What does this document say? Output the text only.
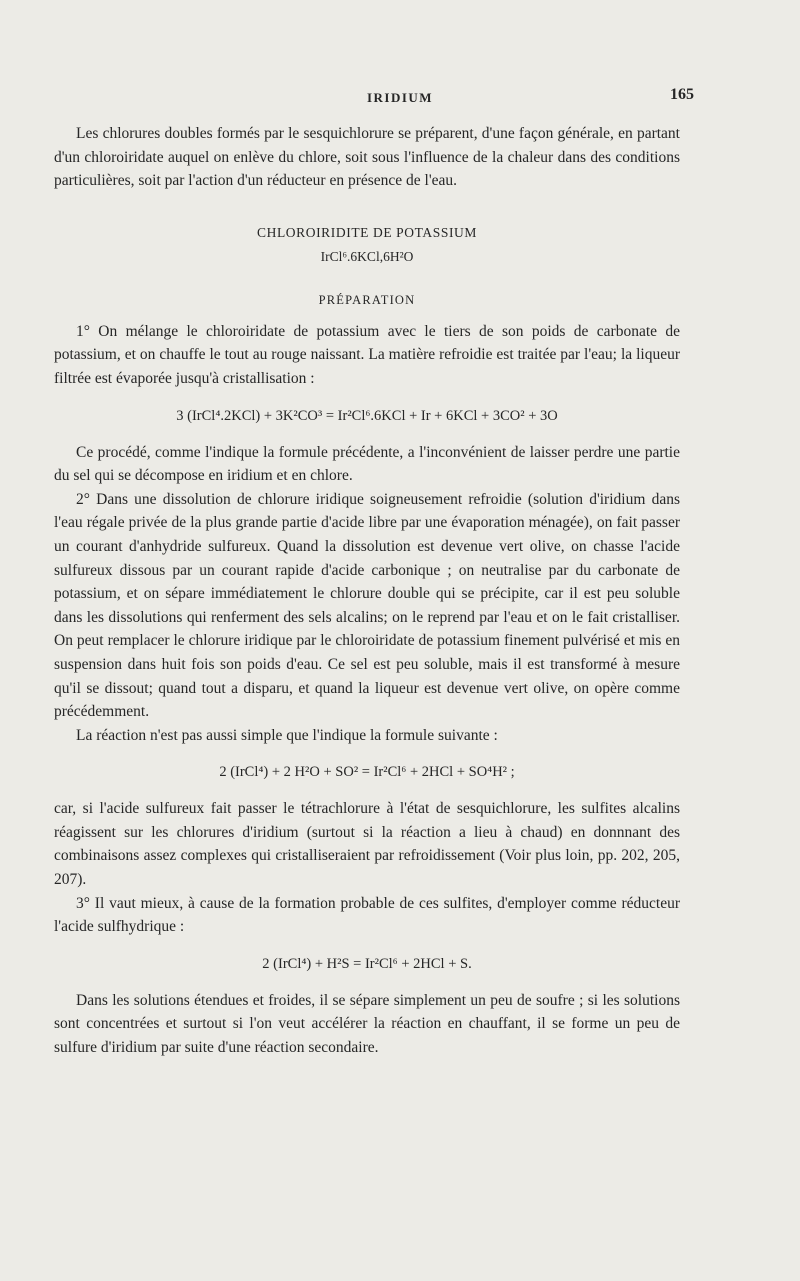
IRIDIUM	165

Les chlorures doubles formés par le sesquichlorure se préparent, d'une façon générale, en partant d'un chloroiridate auquel on enlève du chlore, soit sous l'influence de la chaleur dans des conditions particulières, soit par l'action d'un réducteur en présence de l'eau.

CHLOROIRIDITE DE POTASSIUM
IrCl⁶.6KCl,6H²O
PRÉPARATION

1° On mélange le chloroiridate de potassium avec le tiers de son poids de carbonate de potassium, et on chauffe le tout au rouge naissant. La matière refroidie est traitée par l'eau; la liqueur filtrée est évaporée jusqu'à cristallisation :

3 (IrCl⁴.2KCl) + 3K²CO³ = Ir²Cl⁶.6KCl + Ir + 6KCl + 3CO² + 3O

Ce procédé, comme l'indique la formule précédente, a l'inconvénient de laisser perdre une partie du sel qui se décompose en iridium et en chlore.

2° Dans une dissolution de chlorure iridique soigneusement refroidie (solution d'iridium dans l'eau régale privée de la plus grande partie d'acide libre par une évaporation ménagée), on fait passer un courant d'anhydride sulfureux. Quand la dissolution est devenue vert olive, on chasse l'acide sulfureux dissous par un courant rapide d'acide carbonique ; on neutralise par du carbonate de potassium, et on sépare immédiatement le chlorure double qui se précipite, car il est peu soluble dans les dissolutions qui renferment des sels alcalins; on le reprend par l'eau et on le fait cristalliser. On peut remplacer le chlorure iridique par le chloroiridate de potassium finement pulvérisé et mis en suspension dans huit fois son poids d'eau. Ce sel est peu soluble, mais il est transformé à mesure qu'il se dissout; quand tout a disparu, et quand la liqueur est devenue vert olive, on opère comme précédemment.

La réaction n'est pas aussi simple que l'indique la formule suivante :

2 (IrCl⁴) + 2 H²O + SO² = Ir²Cl⁶ + 2HCl + SO⁴H² ;

car, si l'acide sulfureux fait passer le tétrachlorure à l'état de sesquichlorure, les sulfites alcalins réagissent sur les chlorures d'iridium (surtout si la réaction a lieu à chaud) en donnnant des combinaisons assez complexes qui cristalliseraient par refroidissement (Voir plus loin, pp. 202, 205, 207).

3° Il vaut mieux, à cause de la formation probable de ces sulfites, d'employer comme réducteur l'acide sulfhydrique :

2 (IrCl⁴) + H²S = Ir²Cl⁶ + 2HCl + S.

Dans les solutions étendues et froides, il se sépare simplement un peu de soufre ; si les solutions sont concentrées et surtout si l'on veut accélérer la réaction en chauffant, il se forme un peu de sulfure d'iridium par suite d'une réaction secondaire.
